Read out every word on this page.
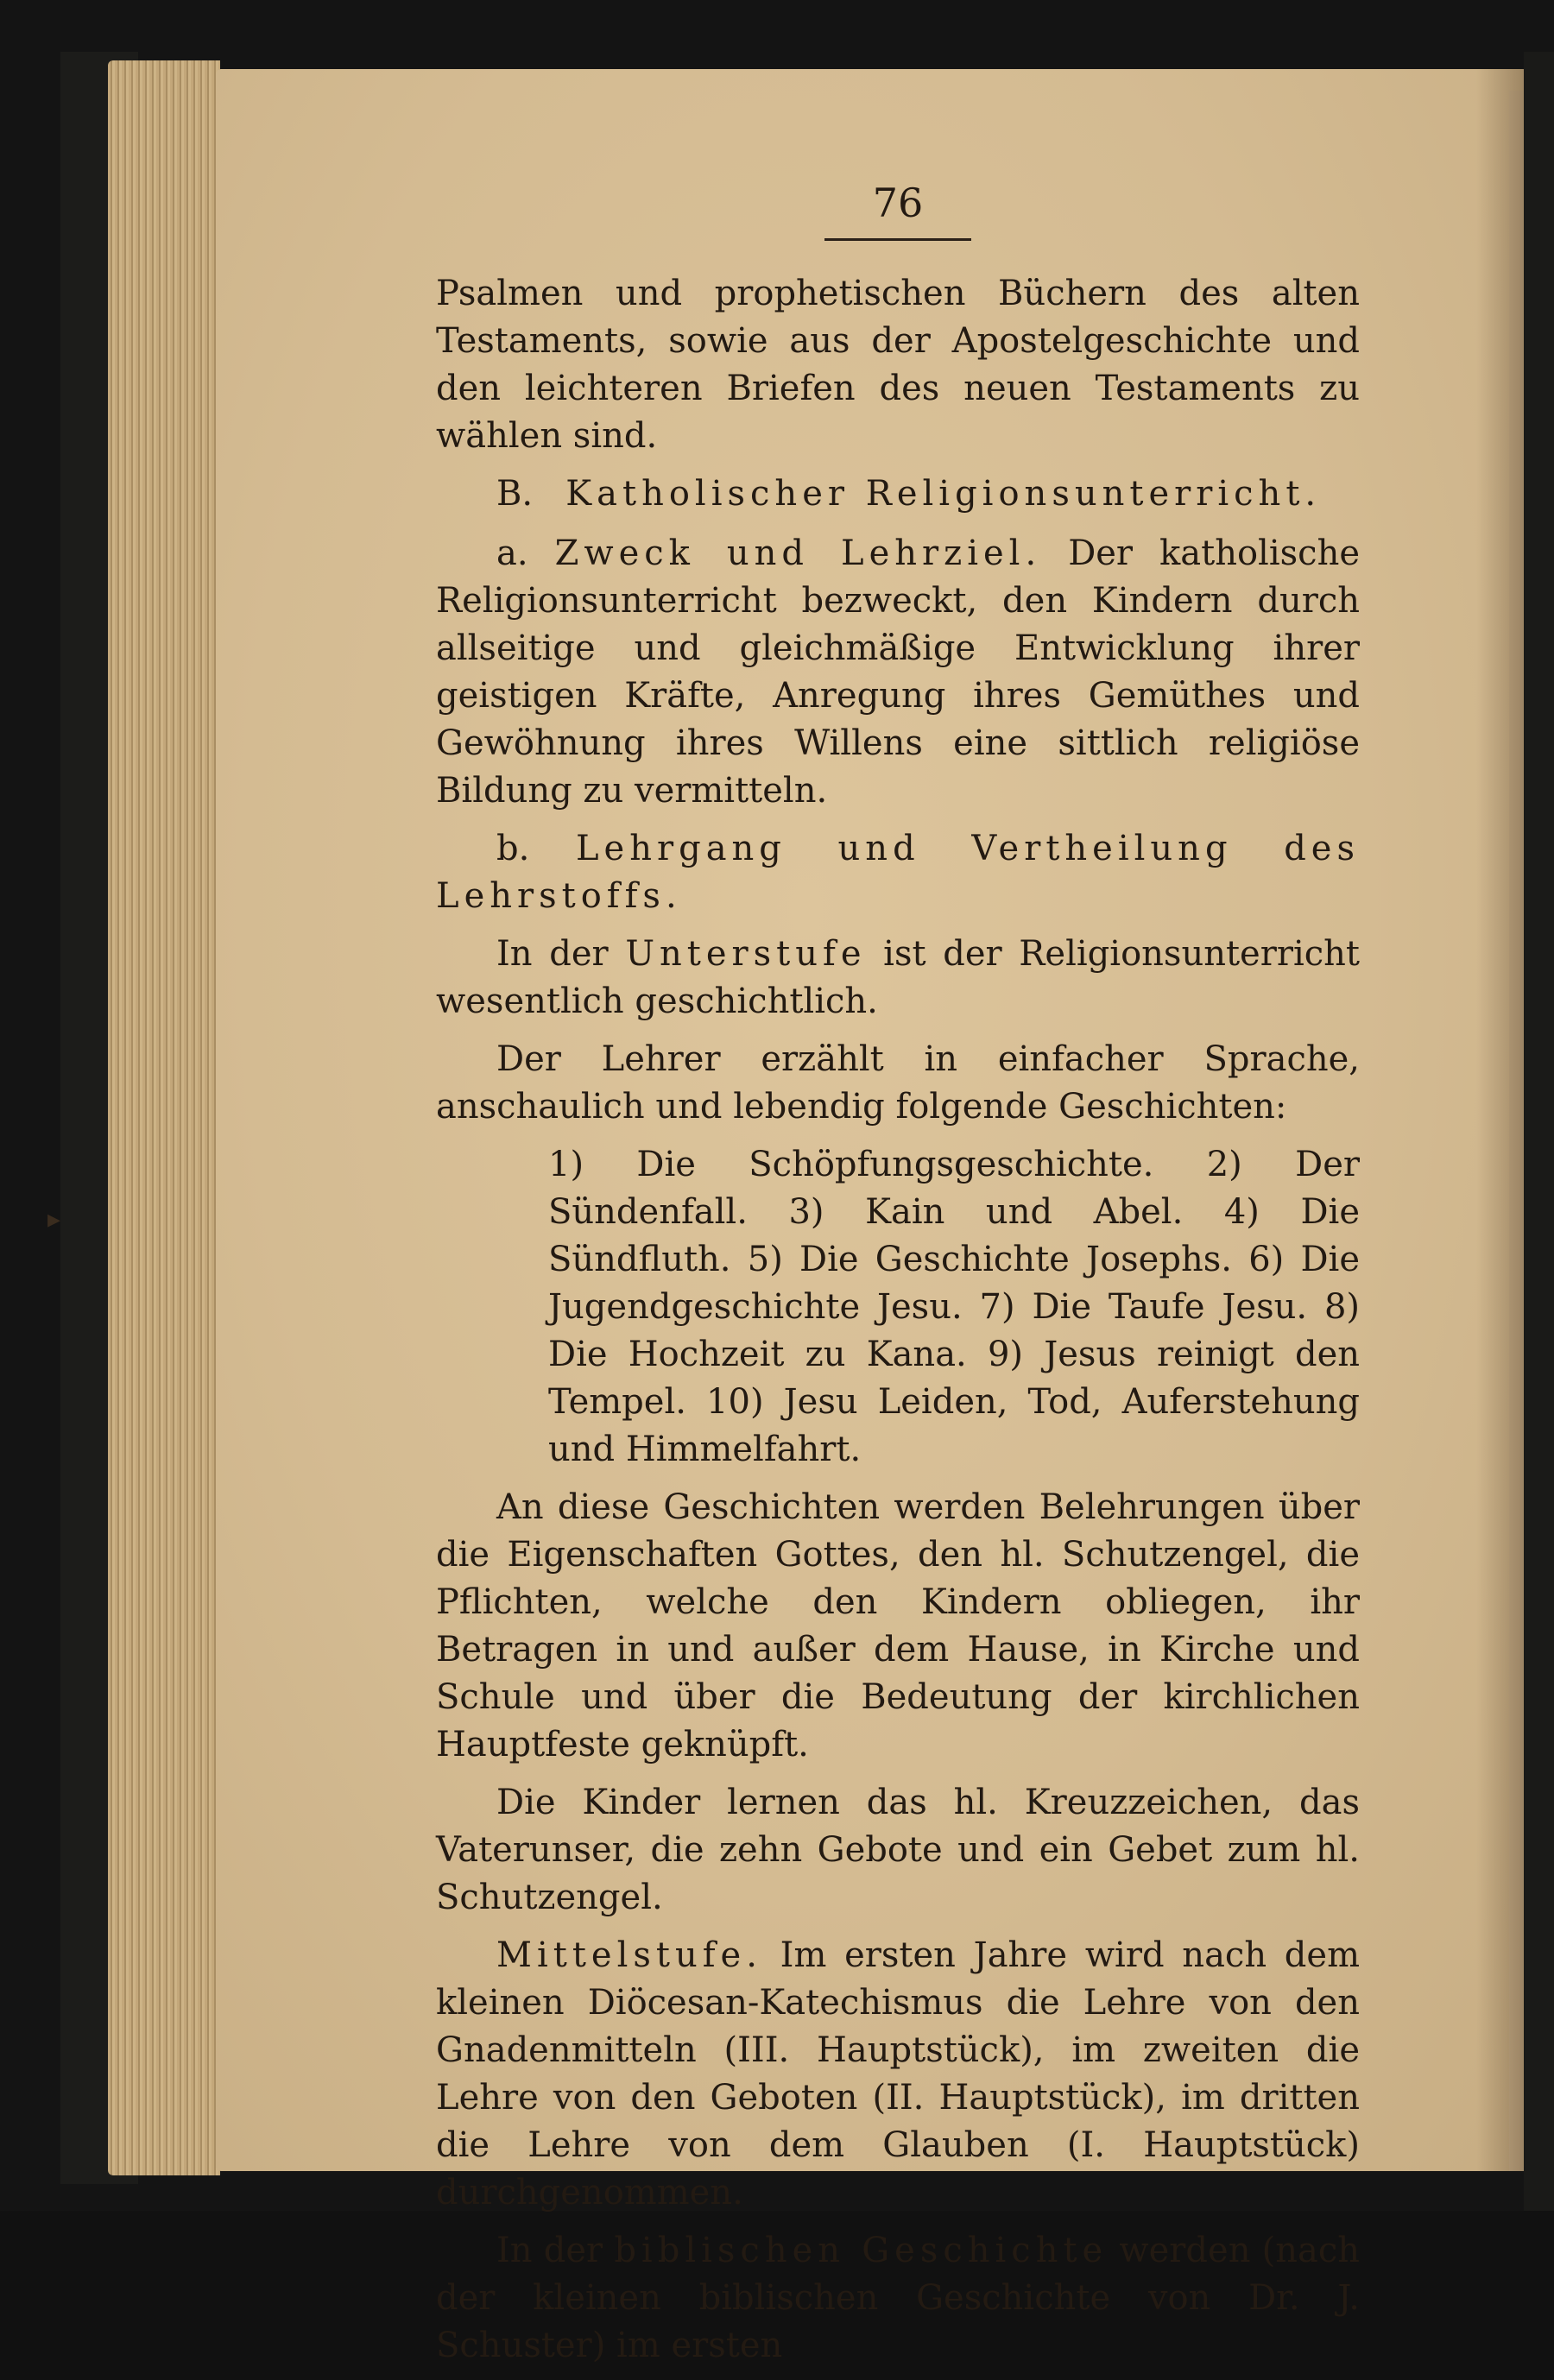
▸
76

Psalmen und prophetischen Büchern des alten Testaments, sowie aus der Apostelgeschichte und den leichteren Briefen des neuen Testaments zu wählen sind.

B. Katholischer Religionsunterricht.

a. Zweck und Lehrziel. Der katholische Religionsunterricht bezweckt, den Kindern durch allseitige und gleichmäßige Entwicklung ihrer geistigen Kräfte, Anregung ihres Gemüthes und Gewöhnung ihres Willens eine sittlich religiöse Bildung zu vermitteln.

b. Lehrgang und Vertheilung des Lehrstoffs.

In der Unterstufe ist der Religionsunterricht wesentlich geschichtlich.

Der Lehrer erzählt in einfacher Sprache, anschaulich und lebendig folgende Geschichten:

1) Die Schöpfungsgeschichte. 2) Der Sündenfall. 3) Kain und Abel. 4) Die Sündfluth. 5) Die Geschichte Josephs. 6) Die Jugendgeschichte Jesu. 7) Die Taufe Jesu. 8) Die Hochzeit zu Kana. 9) Jesus reinigt den Tempel. 10) Jesu Leiden, Tod, Auferstehung und Himmelfahrt.

An diese Geschichten werden Belehrungen über die Eigenschaften Gottes, den hl. Schutzengel, die Pflichten, welche den Kindern obliegen, ihr Betragen in und außer dem Hause, in Kirche und Schule und über die Bedeutung der kirchlichen Hauptfeste geknüpft.

Die Kinder lernen das hl. Kreuzzeichen, das Vaterunser, die zehn Gebote und ein Gebet zum hl. Schutzengel.

Mittelstufe. Im ersten Jahre wird nach dem kleinen Diöcesan-Katechismus die Lehre von den Gnadenmitteln (III. Hauptstück), im zweiten die Lehre von den Geboten (II. Hauptstück), im dritten die Lehre von dem Glauben (I. Hauptstück) durchgenommen.

In der biblischen Geschichte werden (nach der kleinen biblischen Geschichte von Dr. J. Schuster) im ersten
